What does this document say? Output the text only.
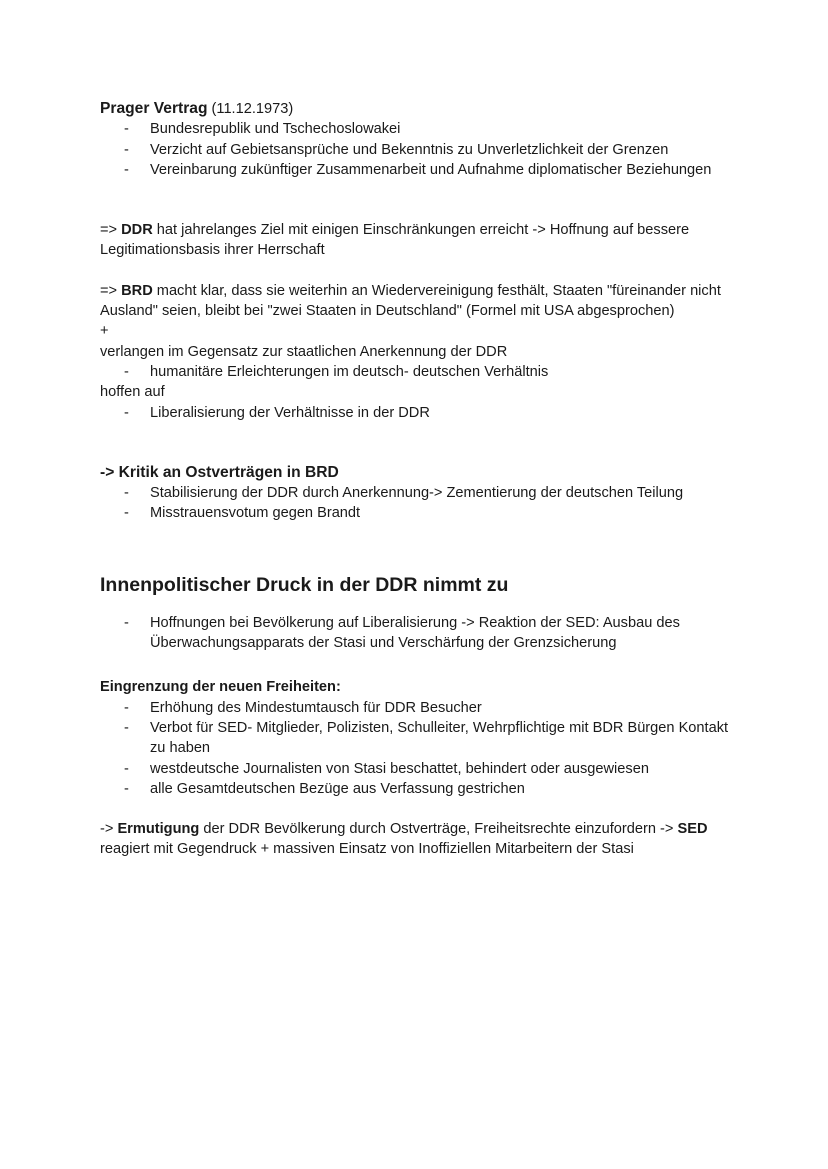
Prager Vertrag (11.12.1973)

- Bundesrepublik und Tschechoslowakei
- Verzicht auf Gebietsansprüche und Bekenntnis zu Unverletzlichkeit der Grenzen
- Vereinbarung zukünftiger Zusammenarbeit und Aufnahme diplomatischer Beziehungen

=> DDR hat jahrelanges Ziel mit einigen Einschränkungen erreicht -> Hoffnung auf bessere Legitimationsbasis ihrer Herrschaft

=> BRD macht klar, dass sie weiterhin an Wiedervereinigung festhält, Staaten "füreinander nicht Ausland" seien, bleibt bei "zwei Staaten in Deutschland" (Formel mit USA abgesprochen)

+

verlangen im Gegensatz zur staatlichen Anerkennung der DDR

- humanitäre Erleichterungen im deutsch- deutschen Verhältnis

hoffen auf

- Liberalisierung der Verhältnisse in der DDR

-> Kritik an Ostverträgen in BRD

- Stabilisierung der DDR durch Anerkennung-> Zementierung der deutschen Teilung
- Misstrauensvotum gegen Brandt

Innenpolitischer Druck in der DDR nimmt zu

- Hoffnungen bei Bevölkerung auf Liberalisierung -> Reaktion der SED: Ausbau des Überwachungsapparats der Stasi und Verschärfung der Grenzsicherung

Eingrenzung der neuen Freiheiten:

- Erhöhung des Mindestumtausch für DDR Besucher
- Verbot für SED- Mitglieder, Polizisten, Schulleiter, Wehrpflichtige mit BDR Bürgen Kontakt zu haben
- westdeutsche Journalisten von Stasi beschattet, behindert oder ausgewiesen
- alle Gesamtdeutschen Bezüge aus Verfassung gestrichen

-> Ermutigung der DDR Bevölkerung durch Ostverträge, Freiheitsrechte einzufordern -> SED reagiert mit Gegendruck + massiven Einsatz von Inoffiziellen Mitarbeitern der Stasi
